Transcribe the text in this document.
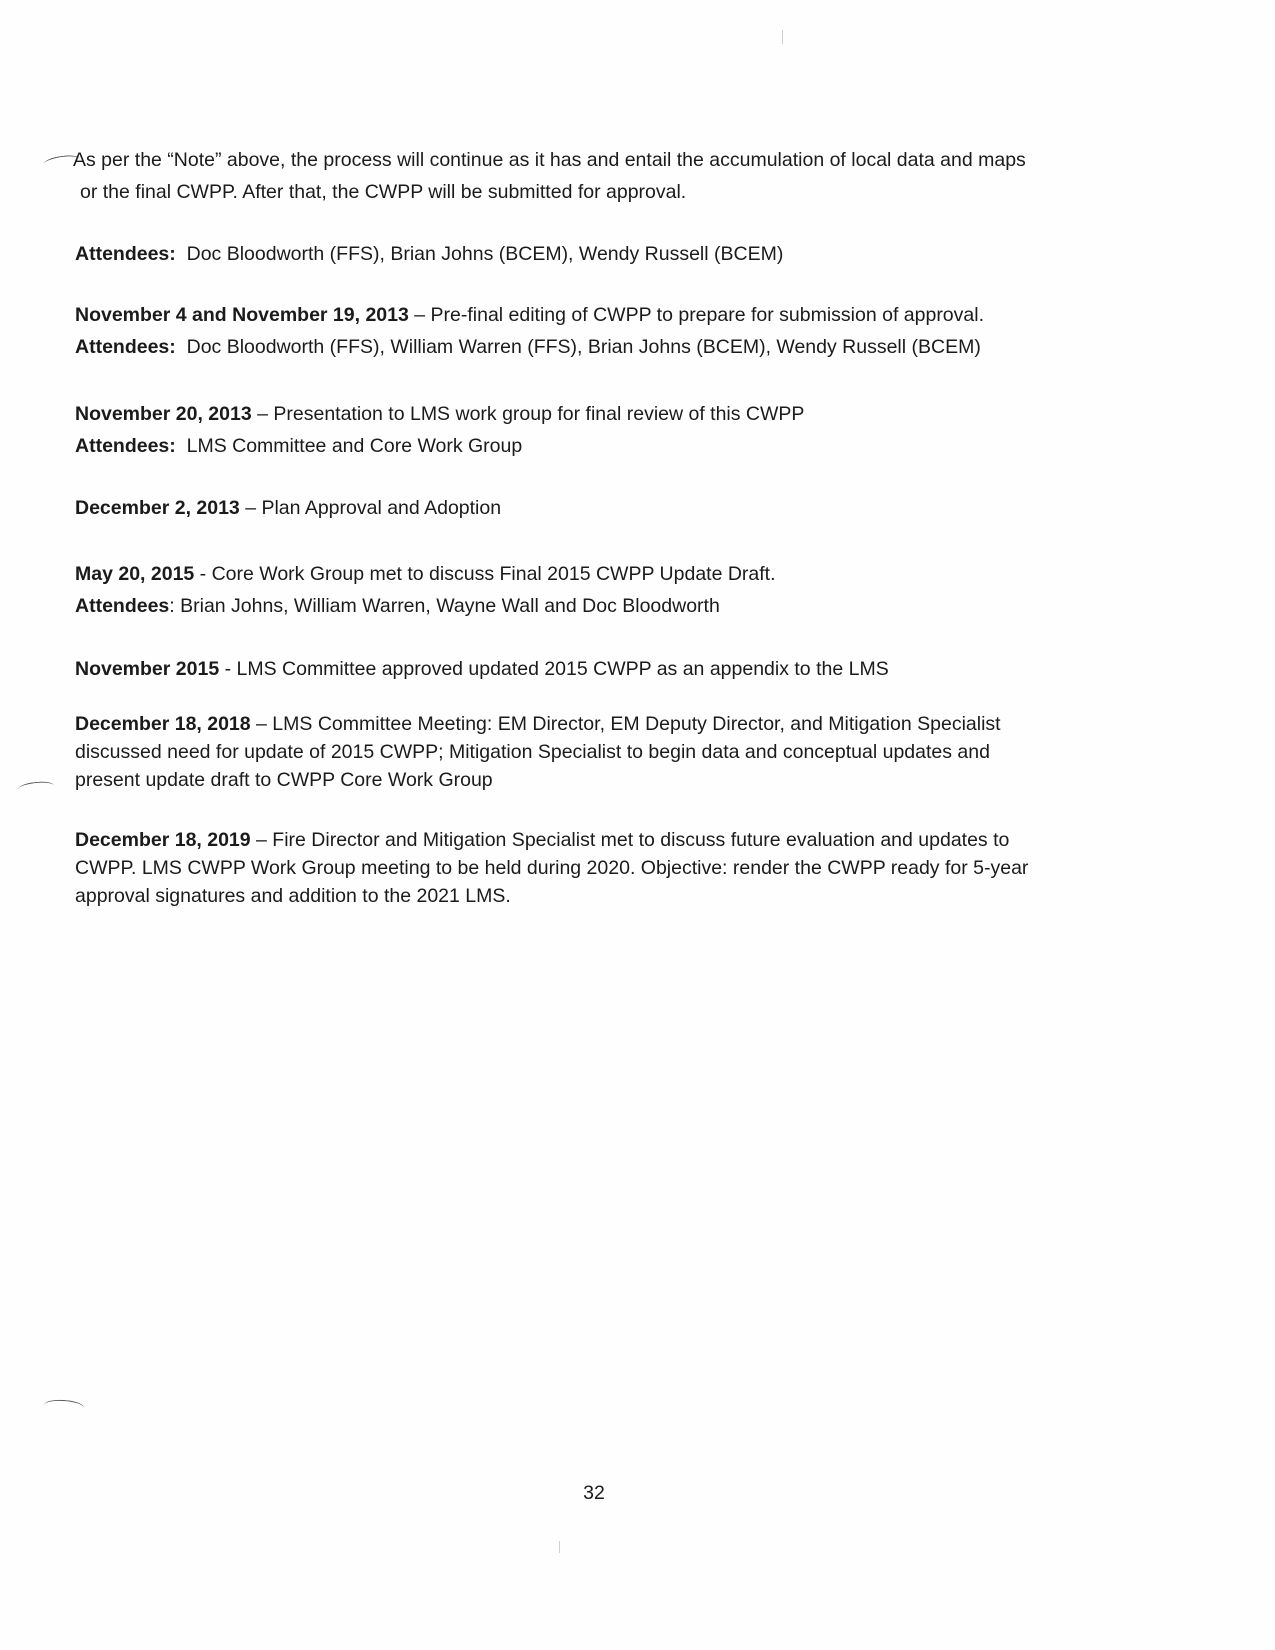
As per the “Note” above, the process will continue as it has and entail the accumulation of local data and maps
or the final CWPP. After that, the CWPP will be submitted for approval.
Attendees:  Doc Bloodworth (FFS), Brian Johns (BCEM), Wendy Russell (BCEM)
November 4 and November 19, 2013 – Pre-final editing of CWPP to prepare for submission of approval.
Attendees:  Doc Bloodworth (FFS), William Warren (FFS), Brian Johns (BCEM), Wendy Russell (BCEM)
November 20, 2013 – Presentation to LMS work group for final review of this CWPP
Attendees:  LMS Committee and Core Work Group
December 2, 2013 – Plan Approval and Adoption
May 20, 2015 - Core Work Group met to discuss Final 2015 CWPP Update Draft.
Attendees: Brian Johns, William Warren, Wayne Wall and Doc Bloodworth
November 2015 - LMS Committee approved updated 2015 CWPP as an appendix to the LMS
December 18, 2018 – LMS Committee Meeting: EM Director, EM Deputy Director, and Mitigation Specialist
discussed need for update of 2015 CWPP; Mitigation Specialist to begin data and conceptual updates and
present update draft to CWPP Core Work Group
December 18, 2019 – Fire Director and Mitigation Specialist met to discuss future evaluation and updates to
CWPP. LMS CWPP Work Group meeting to be held during 2020. Objective: render the CWPP ready for 5-year
approval signatures and addition to the 2021 LMS.
32
